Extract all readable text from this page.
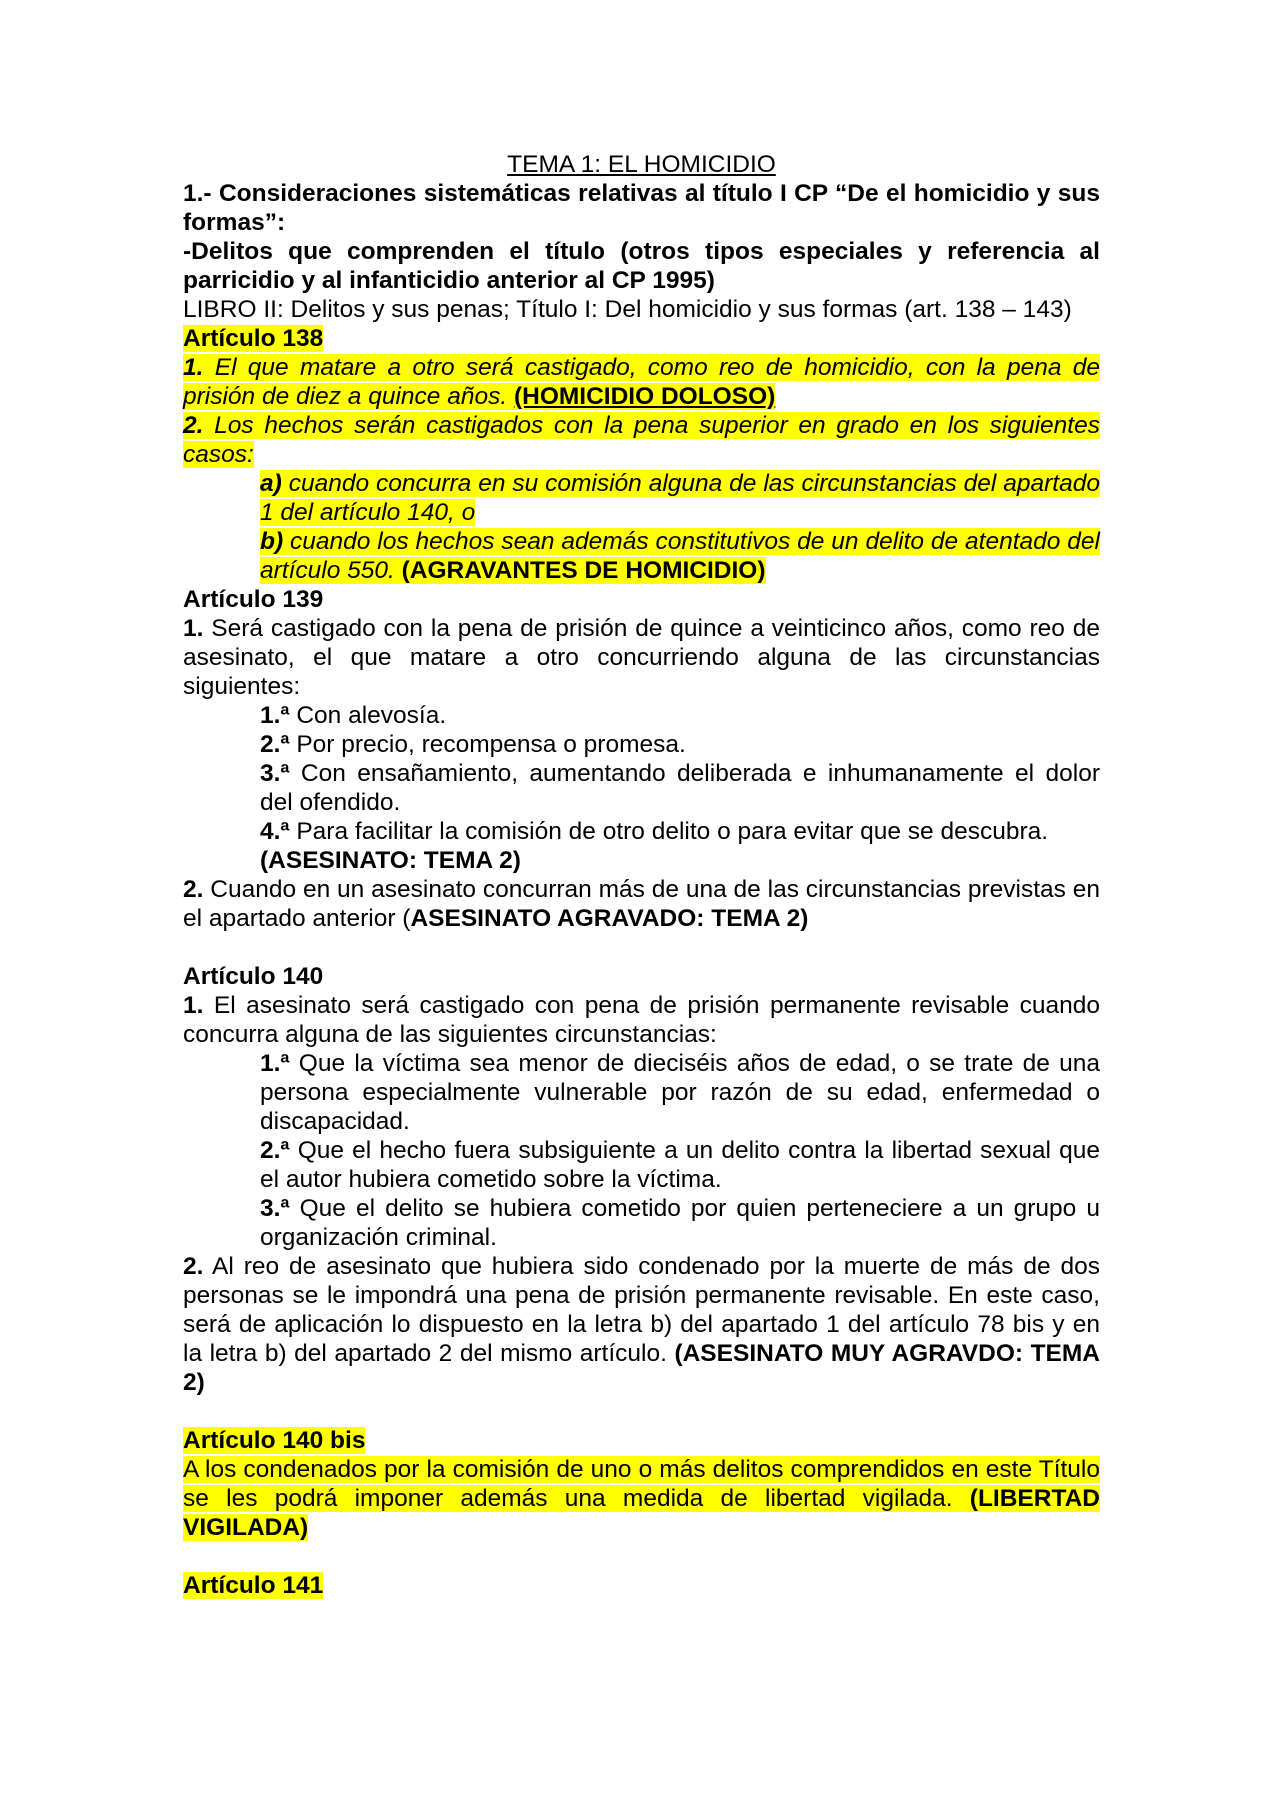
TEMA 1: EL HOMICIDIO

1.- Consideraciones sistemáticas relativas al título I CP “De el homicidio y sus formas”:

-Delitos que comprenden el título (otros tipos especiales y referencia al parricidio y al infanticidio anterior al CP 1995)

LIBRO II: Delitos y sus penas; Título I: Del homicidio y sus formas (art. 138 – 143)

Artículo 138

1. El que matare a otro será castigado, como reo de homicidio, con la pena de prisión de diez a quince años. (HOMICIDIO DOLOSO)

2. Los hechos serán castigados con la pena superior en grado en los siguientes casos:

a) cuando concurra en su comisión alguna de las circunstancias del apartado 1 del artículo 140, o

b) cuando los hechos sean además constitutivos de un delito de atentado del artículo 550. (AGRAVANTES DE HOMICIDIO)

Artículo 139

1. Será castigado con la pena de prisión de quince a veinticinco años, como reo de asesinato, el que matare a otro concurriendo alguna de las circunstancias siguientes:

1.ª Con alevosía.

2.ª Por precio, recompensa o promesa.

3.ª Con ensañamiento, aumentando deliberada e inhumanamente el dolor del ofendido.

4.ª Para facilitar la comisión de otro delito o para evitar que se descubra.

(ASESINATO: TEMA 2)

2. Cuando en un asesinato concurran más de una de las circunstancias previstas en el apartado anterior (ASESINATO AGRAVADO: TEMA 2)

Artículo 140

1. El asesinato será castigado con pena de prisión permanente revisable cuando concurra alguna de las siguientes circunstancias:

1.ª Que la víctima sea menor de dieciséis años de edad, o se trate de una persona especialmente vulnerable por razón de su edad, enfermedad o discapacidad.

2.ª Que el hecho fuera subsiguiente a un delito contra la libertad sexual que el autor hubiera cometido sobre la víctima.

3.ª Que el delito se hubiera cometido por quien perteneciere a un grupo u organización criminal.

2. Al reo de asesinato que hubiera sido condenado por la muerte de más de dos personas se le impondrá una pena de prisión permanente revisable. En este caso, será de aplicación lo dispuesto en la letra b) del apartado 1 del artículo 78 bis y en la letra b) del apartado 2 del mismo artículo. (ASESINATO MUY AGRAVDO: TEMA 2)

Artículo 140 bis

A los condenados por la comisión de uno o más delitos comprendidos en este Título se les podrá imponer además una medida de libertad vigilada. (LIBERTAD VIGILADA)

Artículo 141
